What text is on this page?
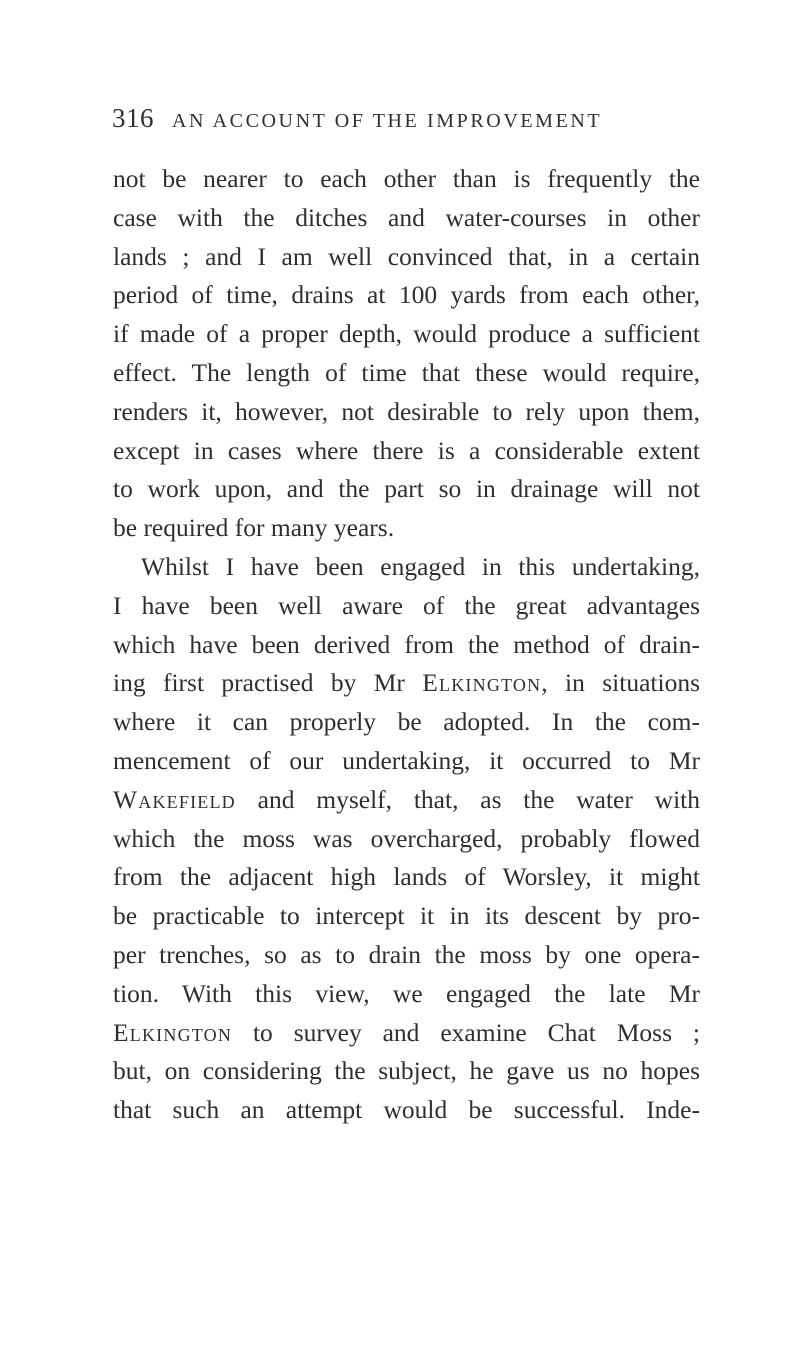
316 AN ACCOUNT OF THE IMPROVEMENT
not be nearer to each other than is frequently the
case with the ditches and water-courses in other
lands ; and I am well convinced that, in a certain
period of time, drains at 100 yards from each other,
if made of a proper depth, would produce a sufficient
effect. The length of time that these would require,
renders it, however, not desirable to rely upon them,
except in cases where there is a considerable extent
to work upon, and the part so in drainage will not
be required for many years.
Whilst I have been engaged in this undertaking,
I have been well aware of the great advantages
which have been derived from the method of drain-
ing first practised by Mr Elkington, in situations
where it can properly be adopted. In the com-
mencement of our undertaking, it occurred to Mr
Wakefield and myself, that, as the water with
which the moss was overcharged, probably flowed
from the adjacent high lands of Worsley, it might
be practicable to intercept it in its descent by pro-
per trenches, so as to drain the moss by one opera-
tion. With this view, we engaged the late Mr
Elkington to survey and examine Chat Moss ;
but, on considering the subject, he gave us no hopes
that such an attempt would be successful. Inde-
